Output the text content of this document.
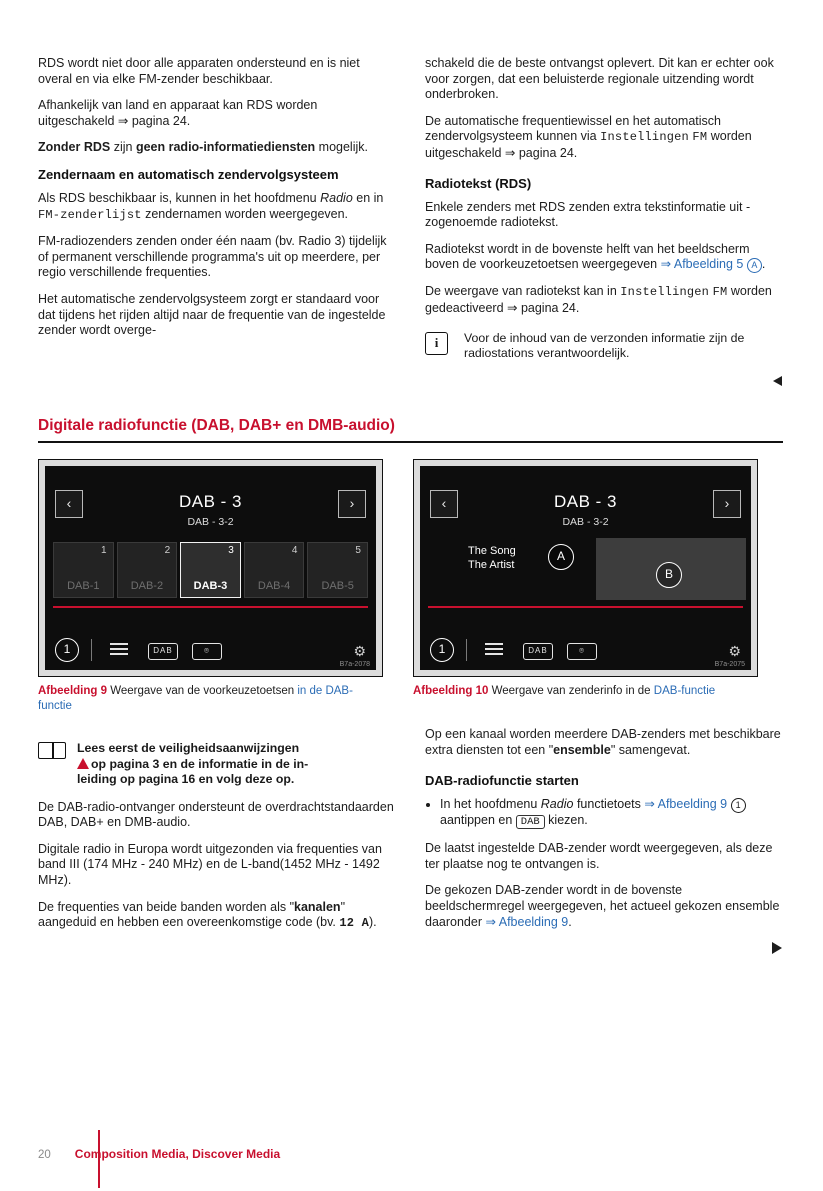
RDS wordt niet door alle apparaten ondersteund en is niet overal en via elke FM-zender beschikbaar.

Afhankelijk van land en apparaat kan RDS worden uitgeschakeld ⇒ pagina 24.

Zonder RDS zijn geen radio-informatiediensten mogelijk.

Zendernaam en automatisch zendervolgsysteem

Als RDS beschikbaar is, kunnen in het hoofdmenu Radio en in FM-zenderlijst zendernamen worden weergegeven.

FM-radiozenders zenden onder één naam (bv. Radio 3) tijdelijk of permanent verschillende programma's uit op meerdere, per regio verschillende frequenties.

Het automatische zendervolgsysteem zorgt er standaard voor dat tijdens het rijden altijd naar de frequentie van de ingestelde zender wordt overge-

schakeld die de beste ontvangst oplevert. Dit kan er echter ook voor zorgen, dat een beluisterde regionale uitzending wordt onderbroken.

De automatische frequentiewissel en het automatisch zendervolgsysteem kunnen via Instellingen FM worden uitgeschakeld ⇒ pagina 24.

Radiotekst (RDS)

Enkele zenders met RDS zenden extra tekstinformatie uit - zogenoemde radiotekst.

Radiotekst wordt in de bovenste helft van het beeldscherm boven de voorkeuzetoetsen weergegeven ⇒ Afbeelding 5 A .

De weergave van radiotekst kan in Instellingen FM worden gedeactiveerd ⇒ pagina 24.

i	Voor de inhoud van de verzonden informatie zijn de radiostations verantwoordelijk.
Digitale radiofunctie (DAB, DAB+ en DMB-audio)
‹	›
DAB - 3
DAB - 3-2
1
DAB-1
2
DAB-2
3
DAB-3
4
DAB-4
5
DAB-5
1	DAB	⌾	⚙
B7a-2078
Afbeelding 9 Weergave van de voorkeuzetoetsen in de DAB-functie
‹	›
DAB - 3
DAB - 3-2
The Song
The Artist
A
B
1	DAB	⌾	⚙
B7a-2075
Afbeelding 10 Weergave van zenderinfo in de DAB-functie
Lees eerst de veiligheidsaanwijzingen
op pagina 3 en de informatie in de in-
leiding op pagina 16 en volg deze op.

De DAB-radio-ontvanger ondersteunt de overdrachtstandaarden DAB, DAB+ en DMB-audio.

Digitale radio in Europa wordt uitgezonden via frequenties van band III (174 MHz - 240 MHz) en de L-band(1452 MHz - 1492 MHz).

De frequenties van beide banden worden als "kanalen" aangeduid en hebben een overeenkomstige code (bv. 12 A).

Op een kanaal worden meerdere DAB-zenders met beschikbare extra diensten tot een "ensemble" samengevat.

DAB-radiofunctie starten
• In het hoofdmenu Radio functietoets ⇒ Afbeelding 9 1 aantippen en DAB kiezen.

De laatst ingestelde DAB-zender wordt weergegeven, als deze ter plaatse nog te ontvangen is.

De gekozen DAB-zender wordt in de bovenste beeldschermregel weergegeven, het actueel gekozen ensemble daaronder ⇒ Afbeelding 9.

20 Composition Media, Discover Media
